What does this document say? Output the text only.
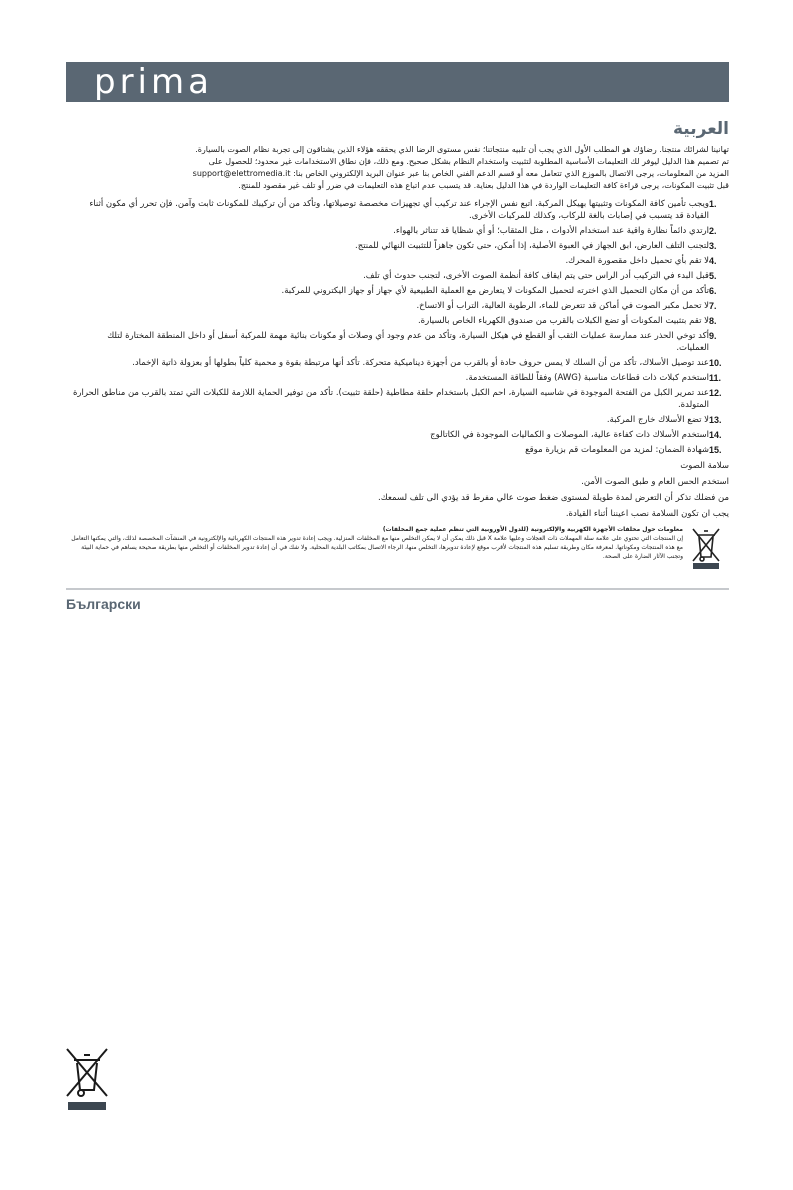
prima
العربية

تهانينا لشرائك منتجنا. رضاؤك هو المطلب الأول الذي يجب أن تلبيه منتجاتنا؛ نفس مستوى الرضا الذي يحققه هؤلاء الذين يشتاقون إلى تجربة نظام الصوت بالسيارة.

تم تصميم هذا الدليل ليوفر لك التعليمات الأساسية المطلوبة لتثبيت واستخدام النظام بشكل صحيح. ومع ذلك، فإن نطاق الاستخدامات غير محدود؛ للحصول على

المزيد من المعلومات، يرجى الاتصال بالموزع الذي تتعامل معه أو قسم الدعم الفني الخاص بنا عبر عنوان البريد الإلكتروني الخاص بنا: support@elettromedia.it

قبل تثبيت المكونات، يرجى قراءة كافة التعليمات الواردة في هذا الدليل بعناية. قد يتسبب عدم اتباع هذه التعليمات في ضرر أو تلف غير مقصود للمنتج.

1.
ويجب تأمين كافة المكونات وتثبيتها بهيكل المركبة. اتبع نفس الإجراء عند تركيب أي تجهيزات مخصصة توصيلاتها، وتأكد من أن تركيبك للمكونات ثابت وآمن. فإن تحرر أي مكون أثناء القيادة قد يتسبب في إصابات بالغة للركاب، وكذلك للمركبات الأخرى.
2.
ارتدي دائماً نظارة واقية عند استخدام الأدوات ، مثل المثقاب؛ أو أي شظايا قد تتناثر بالهواء.
3.
لتجنب التلف العارض، ابق الجهاز في العبوة الأصلية، إذا أمكن، حتى تكون جاهزاً للتثبيت النهائي للمنتج.
4.
لا تقم بأي تحميل داخل مقصورة المحرك.
5.
قبل البدء في التركيب أدر الراس حتى يتم ايقاف كافة أنظمة الصوت الأخرى، لتجنب حدوث أي تلف.
6.
تأكد من أن مكان التحميل الذي اخترته لتحميل المكونات لا يتعارض مع العملية الطبيعية لأي جهاز أو جهاز اليكتروني للمركبة.
7.
لا تحمل مكبر الصوت في أماكن قد تتعرض للماء، الرطوبة العالية، التراب أو الاتساخ.
8.
لا تقم بتثبيت المكونات أو تضع الكبلات بالقرب من صندوق الكهرباء الخاص بالسيارة.
9.
أكد توخي الحذر عند ممارسة عمليات الثقب أو القطع في هيكل السيارة، وتأكد من عدم وجود أي وصلات أو مكونات بنائية مهمة للمركبة أسفل أو داخل المنطقة المختارة لتلك العمليات.
10.
عند توصيل الأسلاك، تأكد من أن السلك لا يمس حروف حادة أو بالقرب من أجهزة ديناميكية متحركة. تأكد أنها مرتبطة بقوة و محمية كلياً بطولها أو بعزولة ذاتية الإخماد.
11.
استخدم كبلات ذات قطاعات مناسبة (AWG) وفقاً للطاقة المستخدمة.
12.
عند تمرير الكبل من الفتحة الموجودة في شاسيه السيارة، احم الكبل باستخدام حلقة مطاطية (حلقة تثبيت). تأكد من توفير الحماية اللازمة للكبلات التي تمتد بالقرب من مناطق الحرارة المتولدة.
13.
لا تضع الأسلاك خارج المركبة.
14.
استخدم الأسلاك ذات كفاءة عالية، الموصلات و الكماليات الموجودة في الكاتالوج
15.
شهادة الضمان: لمزيد من المعلومات قم بزيارة موقع

سلامة الصوت

استخدم الحس العام و طبق الصوت الأمن.

من فضلك تذكر أن التعرض لمدة طويلة لمستوى ضغط صوت عالي مفرط قد يؤدي الى تلف لسمعك.

يجب ان تكون السلامة نصب اعيننا أثناء القيادة.

معلومات حول مخلفات الأجهزة الكهربية والإلكترونية (للدول الأوروبية التي تنظم عملية جمع المخلفات)
إن المنتجات التي تحتوي على علامة سلة المهملات ذات العجلات وعليها علامة X قبل ذلك يمكن أن لا يمكن التخلص منها مع المخلفات المنزلية. ويجب إعادة تدوير هذه المنتجات الكهربائية والإلكترونية في المنشآت المخصصة لذلك، والتي يمكنها التعامل مع هذه المنتجات ومكوناتها. لمعرفة مكان وطريقة تسليم هذه المنتجات لأقرب موقع لإعادة تدويرها، التخلص منها، الرجاء الاتصال بمكاتب البلدية المحلية. ولا شك في أن إعادة تدوير المخلفات أو التخلص منها بطريقة صحيحة يساهم في حماية البيئة وتجنب الآثار الضارة على الصحة.
Български
